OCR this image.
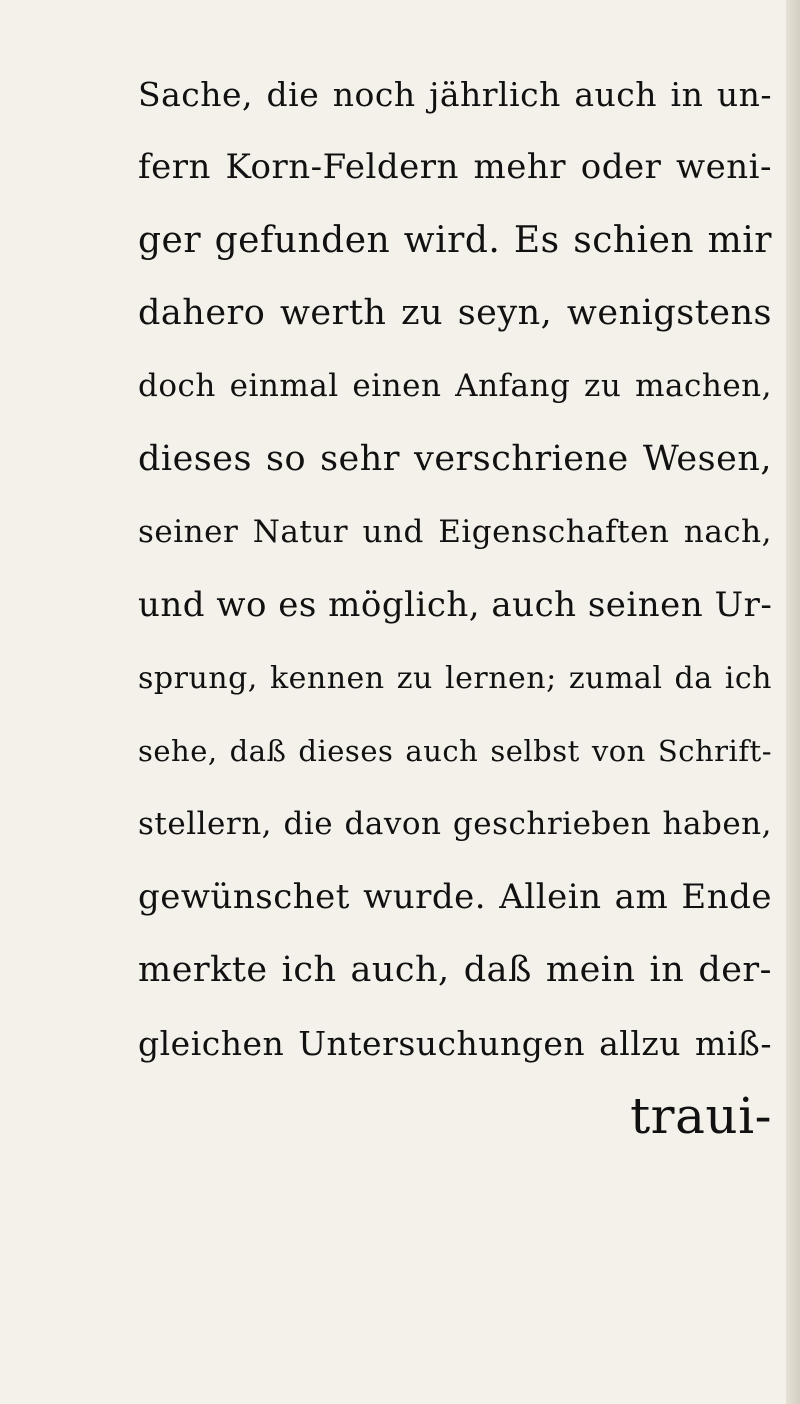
Sache, die noch jährlich auch in un-
fern Korn-Feldern mehr oder weni-
ger gefunden wird. Es schien mir
dahero werth zu seyn, wenigstens
doch einmal einen Anfang zu machen,
dieses so sehr verschriene Wesen,
seiner Natur und Eigenschaften nach,
und wo es möglich, auch seinen Ur-
sprung, kennen zu lernen; zumal da ich
sehe, daß dieses auch selbst von Schrift-
stellern, die davon geschrieben haben,
gewünschet wurde. Allein am Ende
merkte ich auch, daß mein in der-
gleichen Untersuchungen allzu miß-
traui-
